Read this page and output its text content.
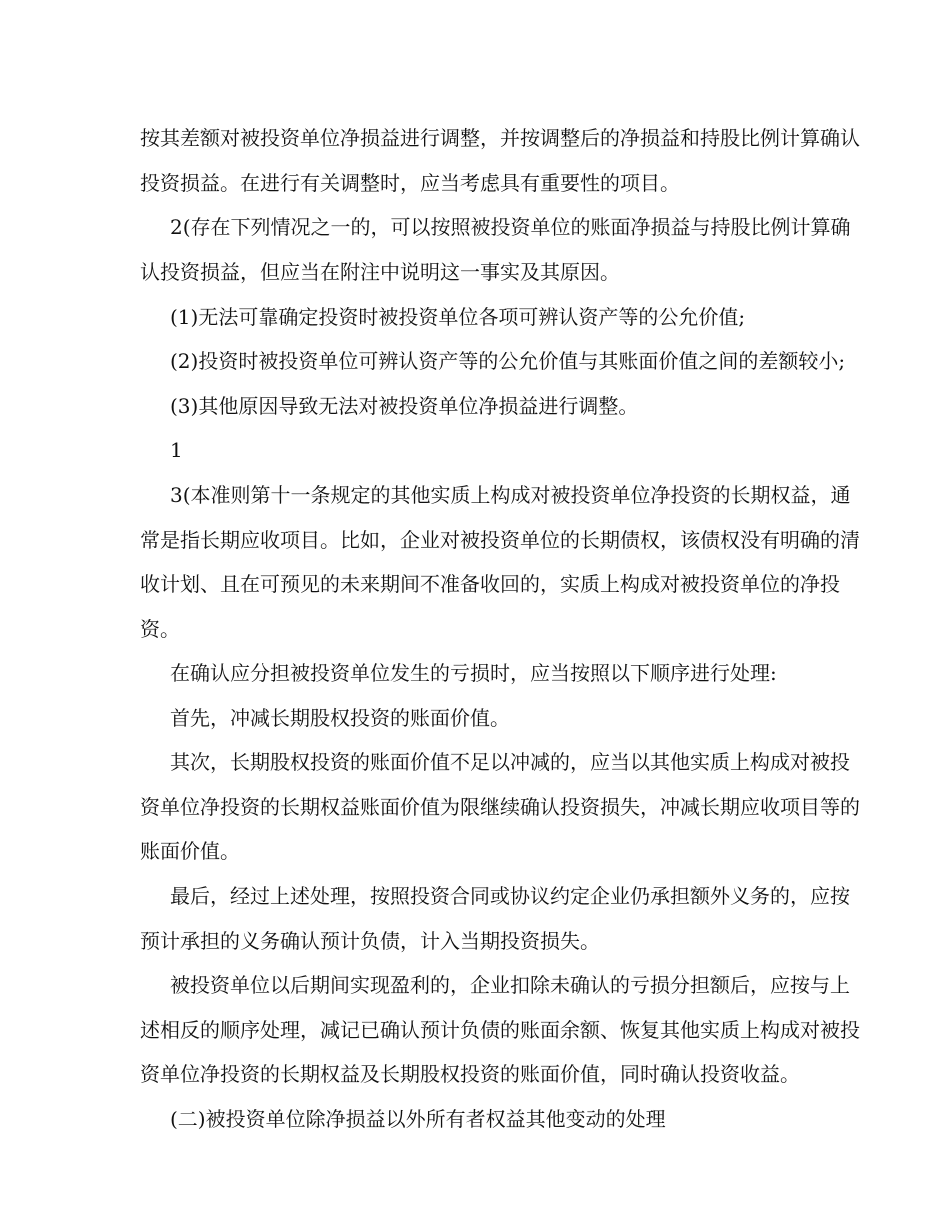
按其差额对被投资单位净损益进行调整，并按调整后的净损益和持股比例计算确认
投资损益。在进行有关调整时，应当考虑具有重要性的项目。
2(存在下列情况之一的，可以按照被投资单位的账面净损益与持股比例计算确
认投资损益，但应当在附注中说明这一事实及其原因。
(1)无法可靠确定投资时被投资单位各项可辨认资产等的公允价值;
(2)投资时被投资单位可辨认资产等的公允价值与其账面价值之间的差额较小;
(3)其他原因导致无法对被投资单位净损益进行调整。
1
3(本准则第十一条规定的其他实质上构成对被投资单位净投资的长期权益，通
常是指长期应收项目。比如，企业对被投资单位的长期债权，该债权没有明确的清
收计划、且在可预见的未来期间不准备收回的，实质上构成对被投资单位的净投
资。
在确认应分担被投资单位发生的亏损时，应当按照以下顺序进行处理:
首先，冲减长期股权投资的账面价值。
其次，长期股权投资的账面价值不足以冲减的，应当以其他实质上构成对被投
资单位净投资的长期权益账面价值为限继续确认投资损失，冲减长期应收项目等的
账面价值。
最后，经过上述处理，按照投资合同或协议约定企业仍承担额外义务的，应按
预计承担的义务确认预计负债，计入当期投资损失。
被投资单位以后期间实现盈利的，企业扣除未确认的亏损分担额后，应按与上
述相反的顺序处理，减记已确认预计负债的账面余额、恢复其他实质上构成对被投
资单位净投资的长期权益及长期股权投资的账面价值，同时确认投资收益。
(二)被投资单位除净损益以外所有者权益其他变动的处理
